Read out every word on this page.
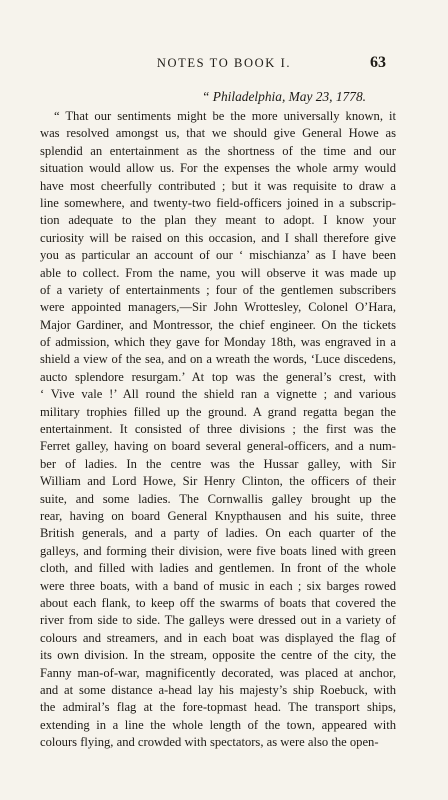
NOTES TO BOOK I.	63
“ Philadelphia, May 23, 1778.
“ That our sentiments might be the more universally known, it
was resolved amongst us, that we should give General Howe as
splendid an entertainment as the shortness of the time and our
situation would allow us. For the expenses the whole army would
have most cheerfully contributed ; but it was requisite to draw a
line somewhere, and twenty-two field-officers joined in a subscrip-
tion adequate to the plan they meant to adopt. I know your
curiosity will be raised on this occasion, and I shall therefore give
you as particular an account of our ‘ mischianza’ as I have been
able to collect. From the name, you will observe it was made up
of a variety of entertainments ; four of the gentlemen subscribers
were appointed managers,—Sir John Wrottesley, Colonel O’Hara,
Major Gardiner, and Montressor, the chief engineer. On the tickets
of admission, which they gave for Monday 18th, was engraved in a
shield a view of the sea, and on a wreath the words, ‘Luce discedens,
aucto splendore resurgam.’ At top was the general’s crest, with
‘ Vive vale !’ All round the shield ran a vignette ; and various
military trophies filled up the ground. A grand regatta began the
entertainment. It consisted of three divisions ; the first was the
Ferret galley, having on board several general-officers, and a num-
ber of ladies. In the centre was the Hussar galley, with Sir
William and Lord Howe, Sir Henry Clinton, the officers of their
suite, and some ladies. The Cornwallis galley brought up the
rear, having on board General Knypthausen and his suite, three
British generals, and a party of ladies. On each quarter of the
galleys, and forming their division, were five boats lined with green
cloth, and filled with ladies and gentlemen. In front of the whole
were three boats, with a band of music in each ; six barges rowed
about each flank, to keep off the swarms of boats that covered the
river from side to side. The galleys were dressed out in a variety of
colours and streamers, and in each boat was displayed the flag of
its own division. In the stream, opposite the centre of the city, the
Fanny man-of-war, magnificently decorated, was placed at anchor,
and at some distance a-head lay his majesty’s ship Roebuck, with
the admiral’s flag at the fore-topmast head. The transport ships,
extending in a line the whole length of the town, appeared with
colours flying, and crowded with spectators, as were also the open-
